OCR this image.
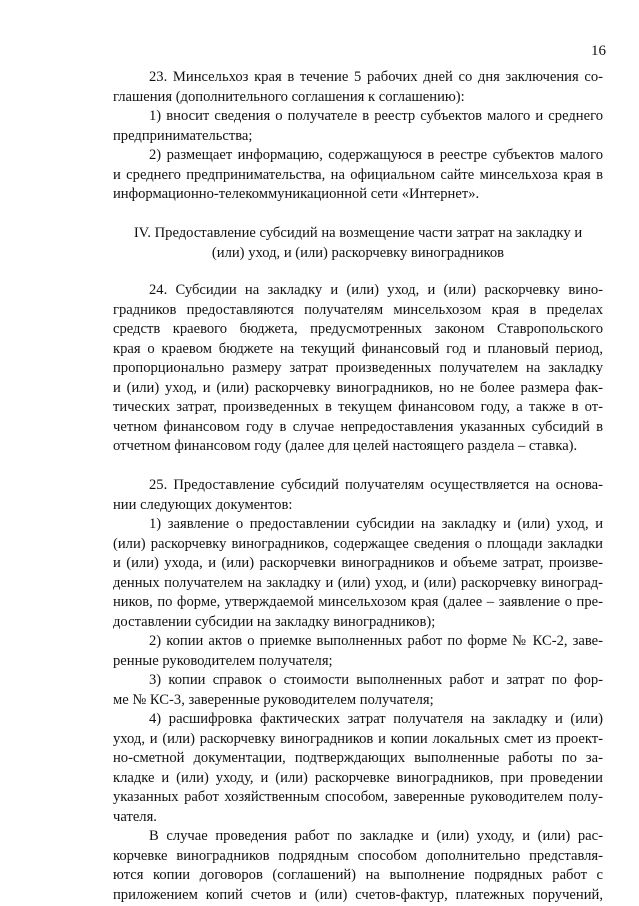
16
23. Минсельхоз края в течение 5 рабочих дней со дня заключения со-
глашения (дополнительного соглашения к соглашению):
1) вносит сведения о получателе в реестр субъектов малого и среднего
предпринимательства;
2) размещает информацию, содержащуюся в реестре субъектов малого
и среднего предпринимательства, на официальном сайте минсельхоза края в
информационно-телекоммуникационной сети «Интернет».
IV. Предоставление субсидий на возмещение части затрат на закладку и
(или) уход, и (или) раскорчевку виноградников
24. Субсидии на закладку и (или) уход, и (или) раскорчевку вино-
градников предоставляются получателям минсельхозом края в пределах
средств краевого бюджета, предусмотренных законом Ставропольского
края о краевом бюджете на текущий финансовый год и плановый период,
пропорционально размеру затрат произведенных получателем на закладку
и (или) уход, и (или) раскорчевку виноградников, но не более размера фак-
тических затрат, произведенных в текущем финансовом году, а также в от-
четном финансовом году в случае непредоставления указанных субсидий в
отчетном финансовом году (далее для целей настоящего раздела – ставка).
25. Предоставление субсидий получателям осуществляется на основа-
нии следующих документов:
1) заявление о предоставлении субсидии на закладку и (или) уход, и
(или) раскорчевку виноградников, содержащее сведения о площади закладки
и (или) ухода, и (или) раскорчевки виноградников и объеме затрат, произве-
денных получателем на закладку и (или) уход, и (или) раскорчевку виноград-
ников, по форме, утверждаемой минсельхозом края (далее – заявление о пре-
доставлении субсидии на закладку виноградников);
2) копии актов о приемке выполненных работ по форме № КС-2, заве-
ренные руководителем получателя;
3) копии справок о стоимости выполненных работ и затрат по фор-
ме № КС-3, заверенные руководителем получателя;
4) расшифровка фактических затрат получателя на закладку и (или)
уход, и (или) раскорчевку виноградников и копии локальных смет из проект-
но-сметной документации, подтверждающих выполненные работы по за-
кладке и (или) уходу, и (или) раскорчевке виноградников, при проведении
указанных работ хозяйственным способом, заверенные руководителем полу-
чателя.
В случае проведения работ по закладке и (или) уходу, и (или) рас-
корчевке виноградников подрядным способом дополнительно представля-
ются копии договоров (соглашений) на выполнение подрядных работ с
приложением копий счетов и (или) счетов-фактур, платежных поручений,
